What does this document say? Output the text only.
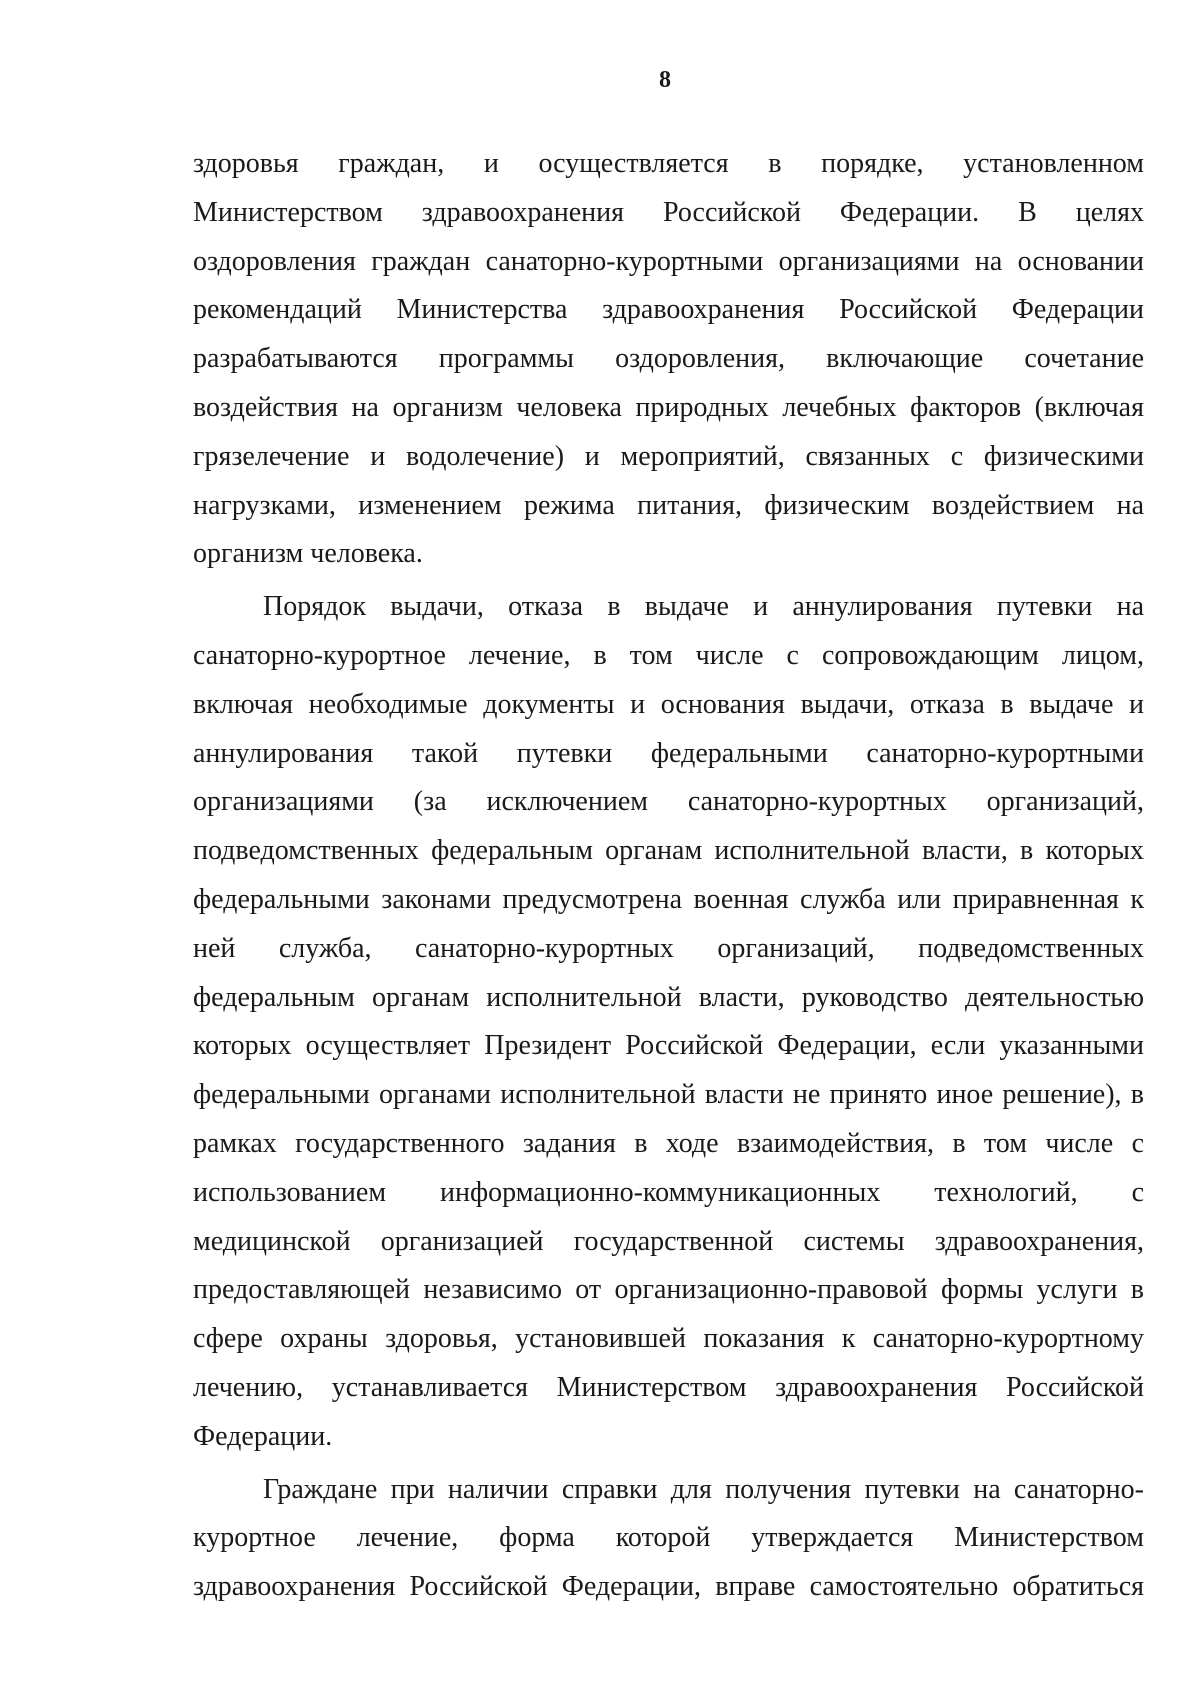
8
здоровья граждан, и осуществляется в порядке, установленном
Министерством здравоохранения Российской Федерации. В целях
оздоровления граждан санаторно-курортными организациями на основании
рекомендаций Министерства здравоохранения Российской Федерации
разрабатываются программы оздоровления, включающие сочетание
воздействия на организм человека природных лечебных факторов (включая
грязелечение и водолечение) и мероприятий, связанных с физическими
нагрузками, изменением режима питания, физическим воздействием на
организм человека.
Порядок выдачи, отказа в выдаче и аннулирования путевки на
санаторно-курортное лечение, в том числе с сопровождающим лицом,
включая необходимые документы и основания выдачи, отказа в выдаче и
аннулирования такой путевки федеральными санаторно-курортными
организациями (за исключением санаторно-курортных организаций,
подведомственных федеральным органам исполнительной власти, в которых
федеральными законами предусмотрена военная служба или приравненная к
ней служба, санаторно-курортных организаций, подведомственных
федеральным органам исполнительной власти, руководство деятельностью
которых осуществляет Президент Российской Федерации, если указанными
федеральными органами исполнительной власти не принято иное решение), в
рамках государственного задания в ходе взаимодействия, в том числе с
использованием информационно-коммуникационных технологий, с
медицинской организацией государственной системы здравоохранения,
предоставляющей независимо от организационно-правовой формы услуги в
сфере охраны здоровья, установившей показания к санаторно-курортному
лечению, устанавливается Министерством здравоохранения Российской
Федерации.
Граждане при наличии справки для получения путевки на санаторно-
курортное лечение, форма которой утверждается Министерством
здравоохранения Российской Федерации, вправе самостоятельно обратиться
